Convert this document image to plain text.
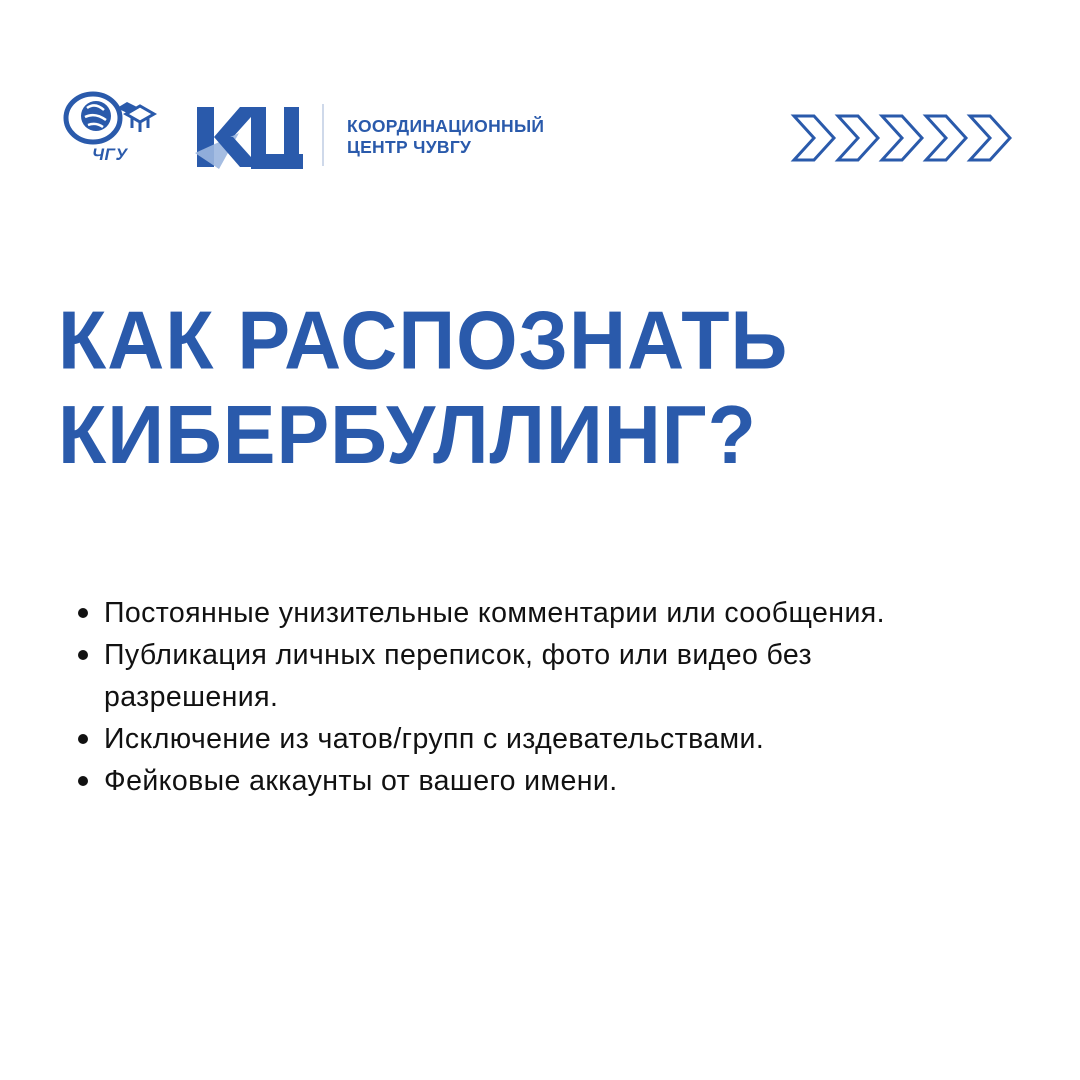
ЧГУ
КООРДИНАЦИОННЫЙ
ЦЕНТР ЧУВГУ
КАК РАСПОЗНАТЬ
КИБЕРБУЛЛИНГ?
Постоянные унизительные комментарии или сообщения.
Публикация личных переписок, фото или видео без разрешения.
Исключение из чатов/групп с издевательствами.
Фейковые аккаунты от вашего имени.
